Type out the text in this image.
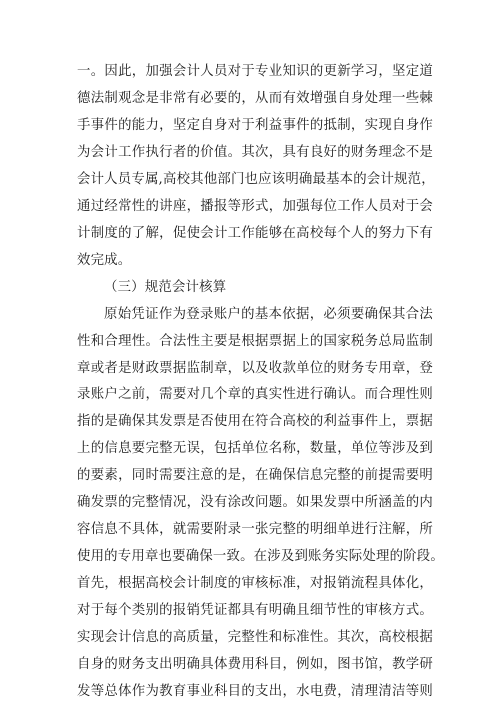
一。因此，加强会计人员对于专业知识的更新学习，坚定道
德法制观念是非常有必要的，从而有效增强自身处理一些棘
手事件的能力，坚定自身对于利益事件的抵制，实现自身作
为会计工作执行者的价值。其次，具有良好的财务理念不是
会计人员专属,高校其他部门也应该明确最基本的会计规范，
通过经常性的讲座，播报等形式，加强每位工作人员对于会
计制度的了解，促使会计工作能够在高校每个人的努力下有
效完成。
（三）规范会计核算
原始凭证作为登录账户的基本依据，必须要确保其合法
性和合理性。合法性主要是根据票据上的国家税务总局监制
章或者是财政票据监制章，以及收款单位的财务专用章，登
录账户之前，需要对几个章的真实性进行确认。而合理性则
指的是确保其发票是否使用在符合高校的利益事件上，票据
上的信息要完整无误，包括单位名称，数量，单位等涉及到
的要素，同时需要注意的是，在确保信息完整的前提需要明
确发票的完整情况，没有涂改问题。如果发票中所涵盖的内
容信息不具体，就需要附录一张完整的明细单进行注解，所
使用的专用章也要确保一致。在涉及到账务实际处理的阶段。
首先，根据高校会计制度的审核标准，对报销流程具体化，
对于每个类别的报销凭证都具有明确且细节性的审核方式。
实现会计信息的高质量，完整性和标准性。其次，高校根据
自身的财务支出明确具体费用科目，例如，图书馆，教学研
发等总体作为教育事业科目的支出，水电费，清理清洁等则
